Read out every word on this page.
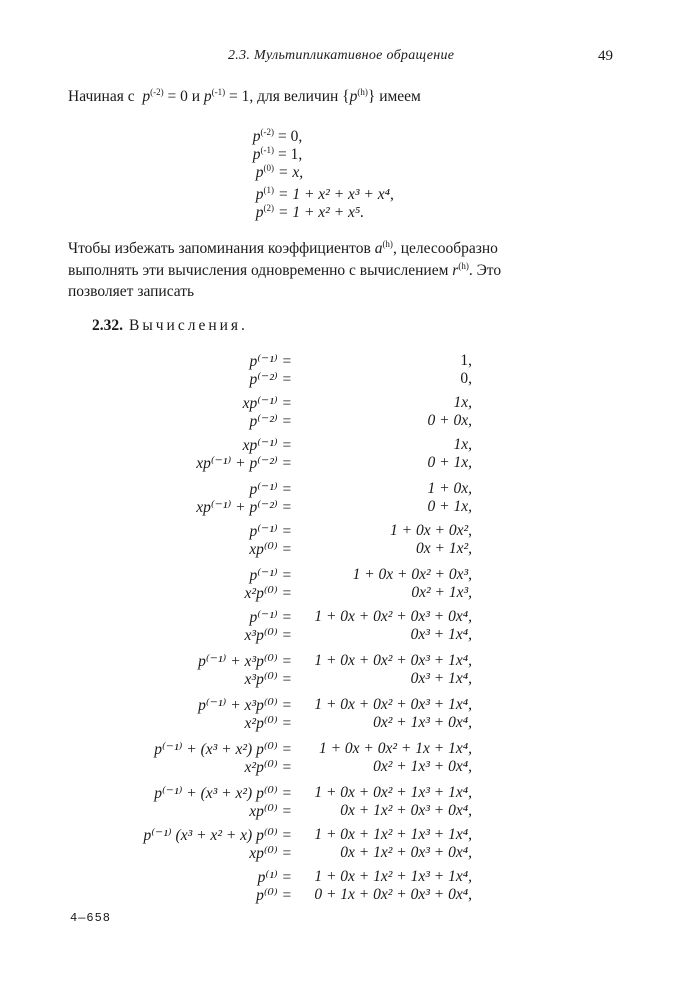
2.3. Мультипликативное обращение	49
Начиная с $p^{(-2)} = 0$ и $p^{(-1)} = 1$, для величин $\{p^{(h)}\}$ имеем
$p^{(-2)} = 0$,
$p^{(-1)} = 1$,
$p^{(0)} = x$,
$p^{(1)} = 1 + x^2 + x^3 + x^4$,
$p^{(2)} = 1 + x^2 + x^5$.
Чтобы избежать запоминания коэффициентов $a^{(h)}$, целесообразно
выполнять эти вычисления одновременно с вычислением $r^{(h)}$. Это
позволяет записать
2.32. Вычисления.
p⁽⁻¹⁾ =	1,
p⁽⁻²⁾ =	0,
xp⁽⁻¹⁾ =	1x,
p⁽⁻²⁾ =	0 + 0x,
xp⁽⁻¹⁾ =	1x,
xp⁽⁻¹⁾ + p⁽⁻²⁾ =	0 + 1x,
p⁽⁻¹⁾ =	1 + 0x,
xp⁽⁻¹⁾ + p⁽⁻²⁾ =	0 + 1x,
p⁽⁻¹⁾ =	1 + 0x + 0x²,
xp⁽⁰⁾ =	0x + 1x²,
p⁽⁻¹⁾ =	1 + 0x + 0x² + 0x³,
x²p⁽⁰⁾ =	0x² + 1x³,
p⁽⁻¹⁾ = 1 + 0x + 0x² + 0x³ + 0x⁴,
x³p⁽⁰⁾ =	0x³ + 1x⁴,
p⁽⁻¹⁾ + x³p⁽⁰⁾ = 1 + 0x + 0x² + 0x³ + 1x⁴,
x³p⁽⁰⁾ =	0x³ + 1x⁴,
p⁽⁻¹⁾ + x³p⁽⁰⁾ = 1 + 0x + 0x² + 0x³ + 1x⁴,
x²p⁽⁰⁾ =	0x² + 1x³ + 0x⁴,
p⁽⁻¹⁾ + (x³ + x²) p⁽⁰⁾ = 1 + 0x + 0x² + 1x + 1x⁴,
x²p⁽⁰⁾ =	0x² + 1x³ + 0x⁴,
p⁽⁻¹⁾ + (x³ + x²) p⁽⁰⁾ = 1 + 0x + 0x² + 1x³ + 1x⁴,
xp⁽⁰⁾ =	0x + 1x² + 0x³ + 0x⁴,
p⁽⁻¹⁾ (x³ + x² + x) p⁽⁰⁾ = 1 + 0x + 1x² + 1x³ + 1x⁴,
xp⁽⁰⁾ =	0x + 1x² + 0x³ + 0x⁴,
p⁽¹⁾ = 1 + 0x + 1x² + 1x³ + 1x⁴,
p⁽⁰⁾ = 0 + 1x + 0x² + 0x³ + 0x⁴,
4—658
